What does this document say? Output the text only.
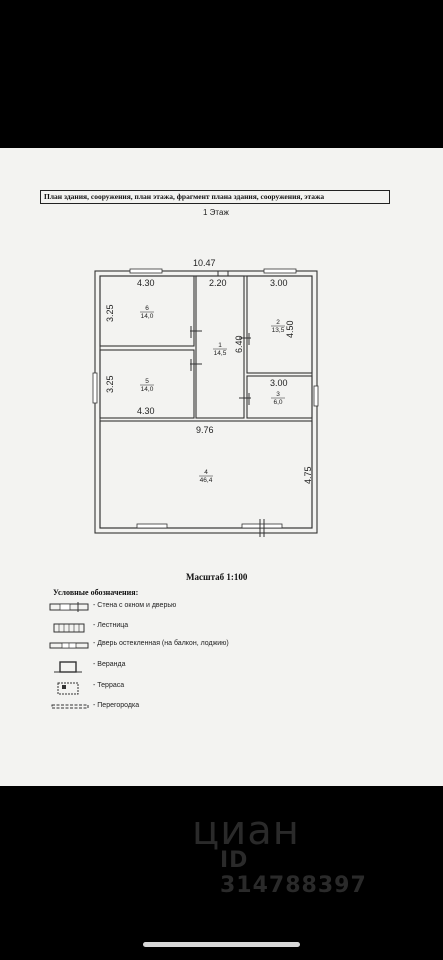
План здания, сооружения, план этажа, фрагмент плана здания, сооружения, этажа
1 Этаж
10.47
4.30	2.20	3.00
4.30
3.00
9.76
3.25
3.25
6.40
4.50
4.75
6
14,0
1
14,5
2
13,5
5
14,0
3
6,0
4
46,4
Масштаб 1:100
Условные обозначения:
- Стена с окном и дверью
- Лестница
- Дверь остекленная (на балкон, лоджию)
- Веранда
- Терраса
- Перегородка
циан
ID 314788397
